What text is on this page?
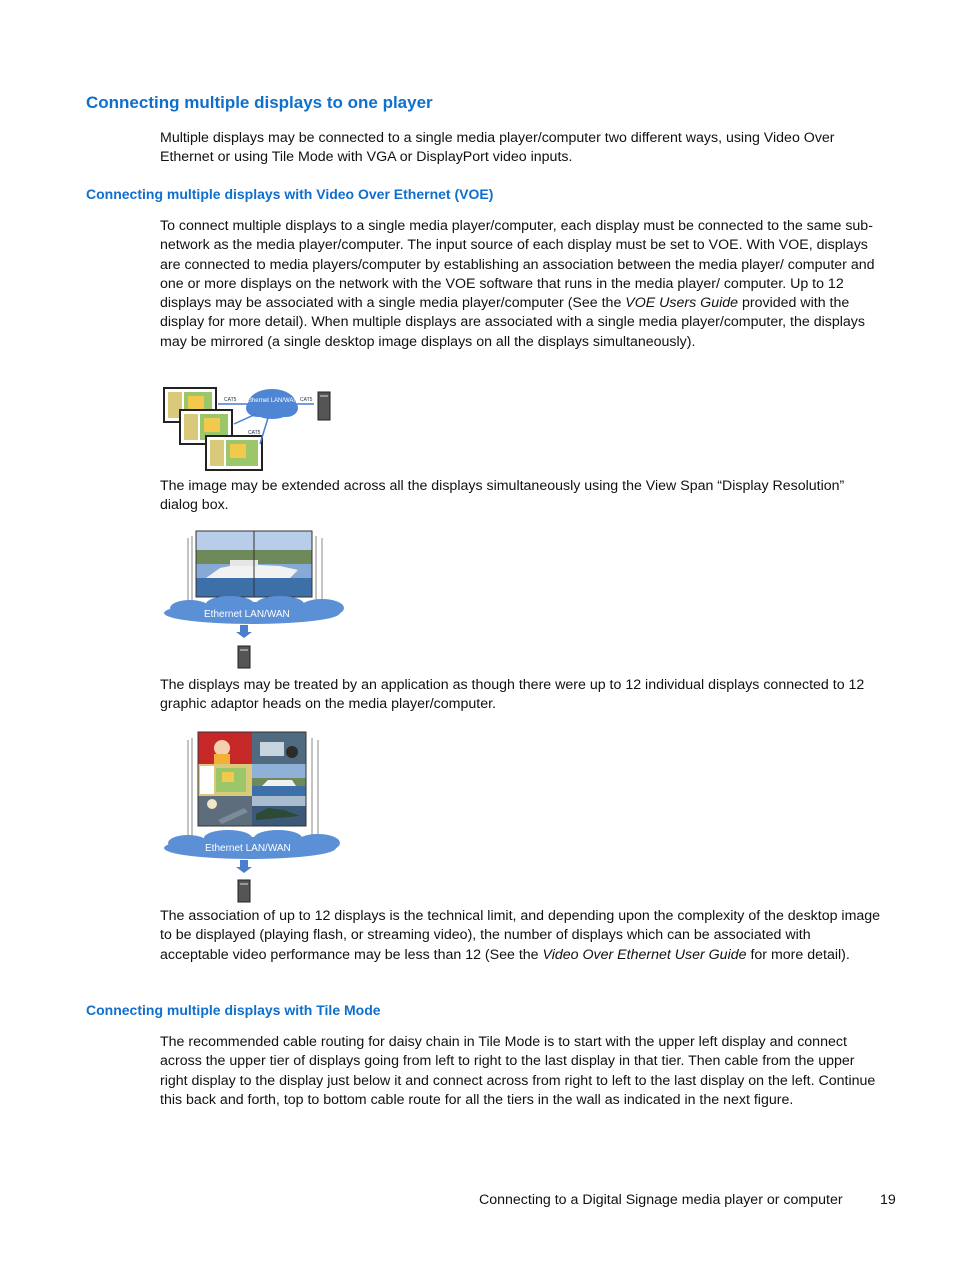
Connecting multiple displays to one player

Multiple displays may be connected to a single media player/computer two different ways, using Video Over Ethernet or using Tile Mode with VGA or DisplayPort video inputs.

Connecting multiple displays with Video Over Ethernet (VOE)

To connect multiple displays to a single media player/computer, each display must be connected to the same sub-network as the media player/computer. The input source of each display must be set to VOE. With VOE, displays are connected to media players/computer by establishing an association between the media player/ computer and one or more displays on the network with the VOE software that runs in the media player/ computer. Up to 12 displays may be associated with a single media player/computer (See the VOE Users Guide provided with the display for more detail). When multiple displays are associated with a single media player/computer, the displays may be mirrored (a single desktop image displays on all the displays simultaneously).

Ethernet LAN/WAN
CAT5	CAT5
CAT5

The image may be extended across all the displays simultaneously using the View Span “Display Resolution” dialog box.

Ethernet LAN/WAN

The displays may be treated by an application as though there were up to 12 individual displays connected to 12 graphic adaptor heads on the media player/computer.

Ethernet LAN/WAN

The association of up to 12 displays is the technical limit, and depending upon the complexity of the desktop image to be displayed (playing flash, or streaming video), the number of displays which can be associated with acceptable video performance may be less than 12 (See the Video Over Ethernet User Guide for more detail).

Connecting multiple displays with Tile Mode

The recommended cable routing for daisy chain in Tile Mode is to start with the upper left display and connect across the upper tier of displays going from left to right to the last display in that tier. Then cable from the upper right display to the display just below it and connect across from right to left to the last display on the left. Continue this back and forth, top to bottom cable route for all the tiers in the wall as indicated in the next figure.

Connecting to a Digital Signage media player or computer	19
